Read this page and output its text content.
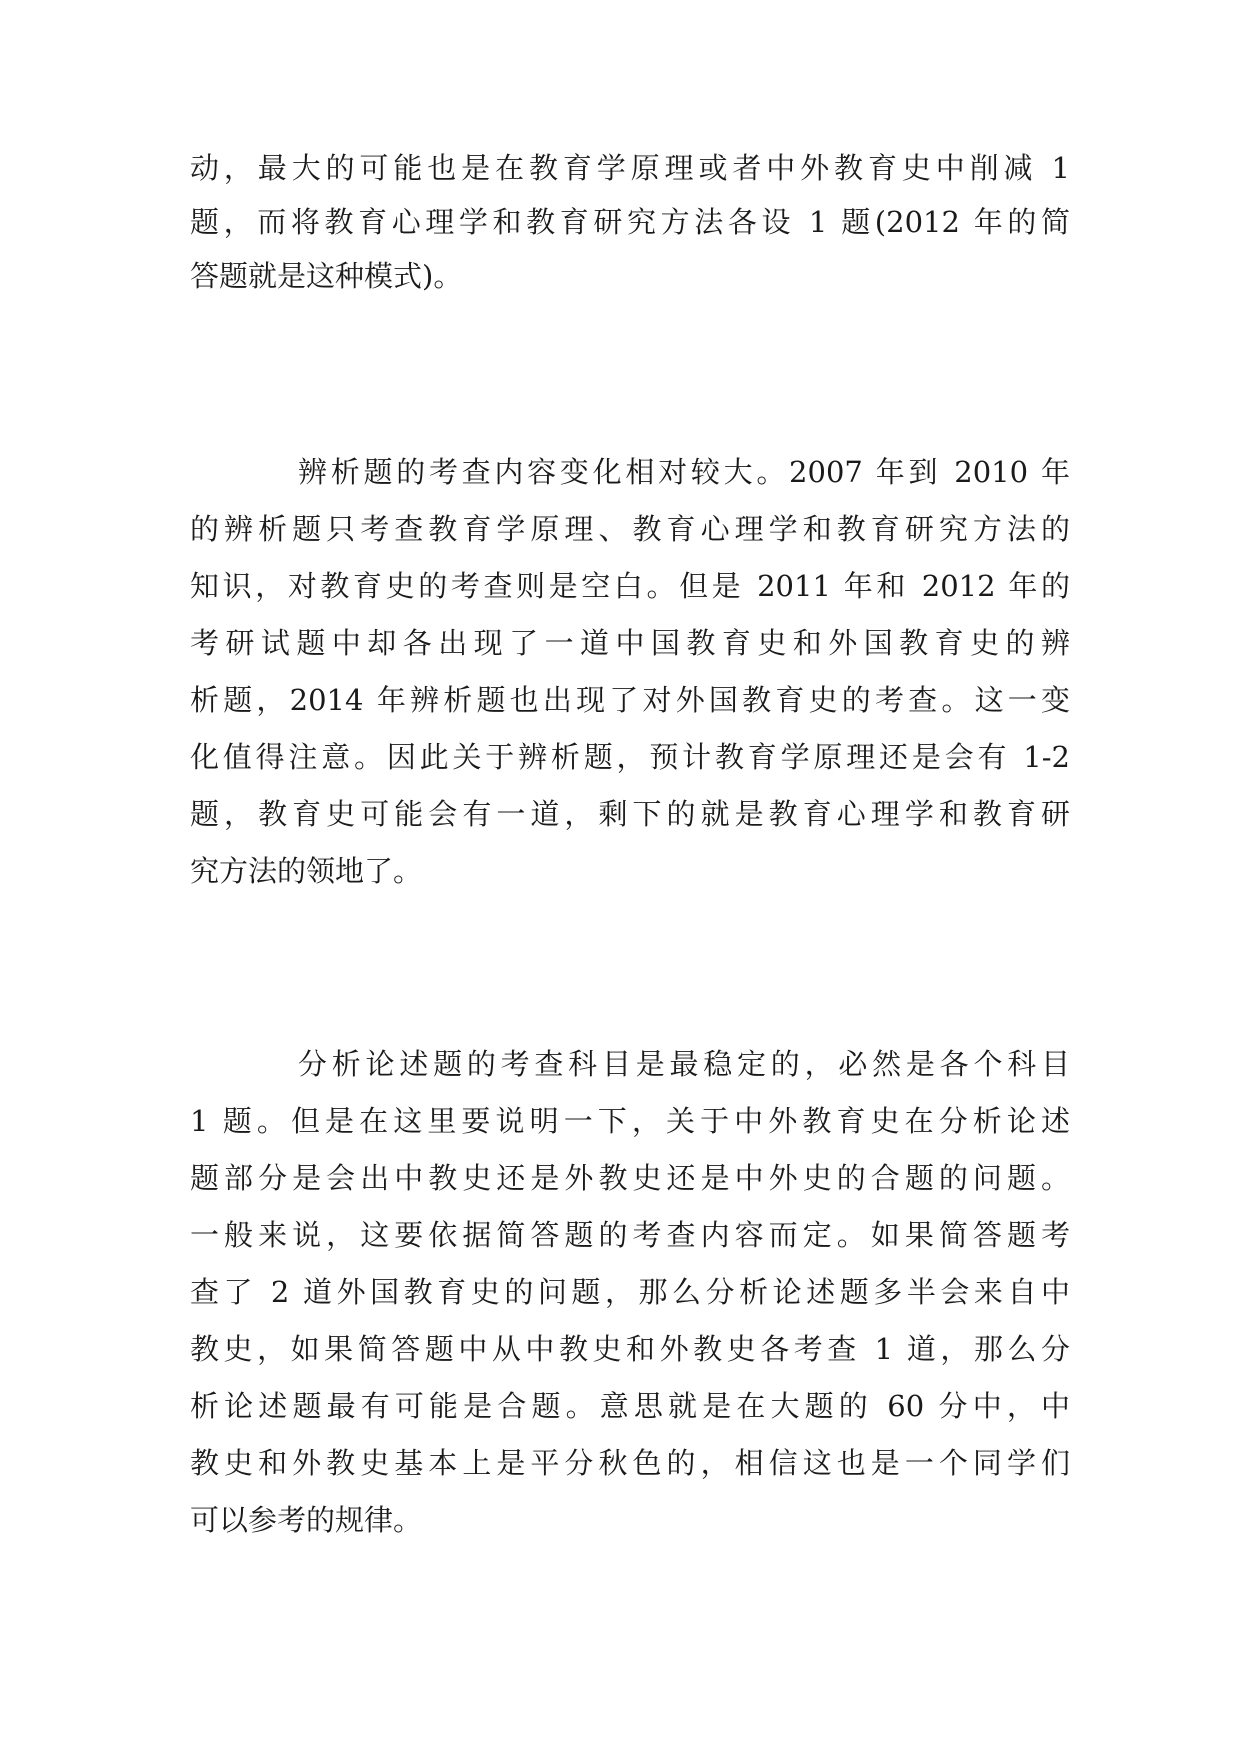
动，最大的可能也是在教育学原理或者中外教育史中削减 1
题，而将教育心理学和教育研究方法各设 1 题(2012 年的简
答题就是这种模式)。
辨析题的考查内容变化相对较大。2007 年到 2010 年
的辨析题只考查教育学原理、教育心理学和教育研究方法的
知识，对教育史的考查则是空白。但是 2011 年和 2012 年的
考研试题中却各出现了一道中国教育史和外国教育史的辨
析题，2014 年辨析题也出现了对外国教育史的考查。这一变
化值得注意。因此关于辨析题，预计教育学原理还是会有 1-2
题，教育史可能会有一道，剩下的就是教育心理学和教育研
究方法的领地了。
分析论述题的考查科目是最稳定的，必然是各个科目
1 题。但是在这里要说明一下，关于中外教育史在分析论述
题部分是会出中教史还是外教史还是中外史的合题的问题。
一般来说，这要依据简答题的考查内容而定。如果简答题考
查了 2 道外国教育史的问题，那么分析论述题多半会来自中
教史，如果简答题中从中教史和外教史各考查 1 道，那么分
析论述题最有可能是合题。意思就是在大题的 60 分中，中
教史和外教史基本上是平分秋色的，相信这也是一个同学们
可以参考的规律。
